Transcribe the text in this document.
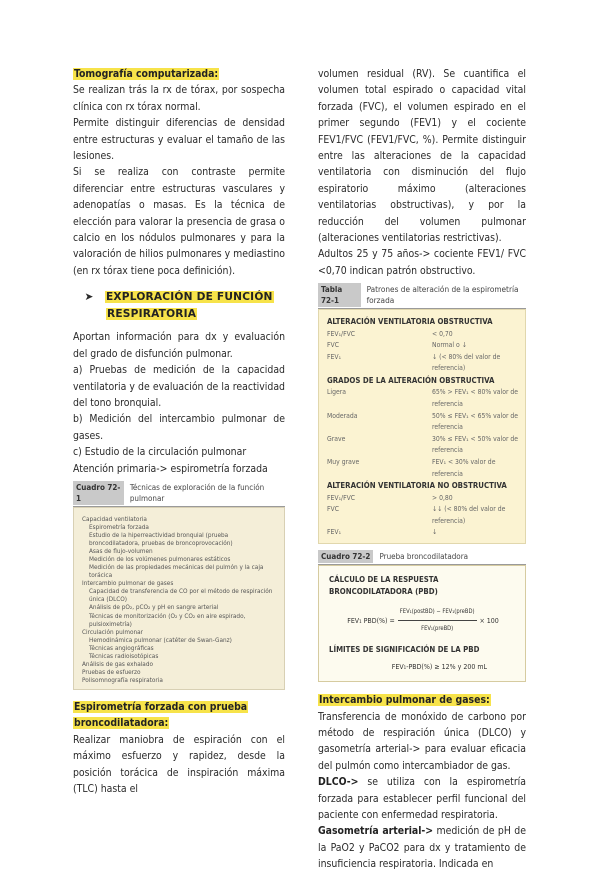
Tomografía computarizada:

Se realizan trás la rx de tórax, por sospecha clínica con rx tórax normal.

Permite distinguir diferencias de densidad entre estructuras y evaluar el tamaño de las lesiones.

Si se realiza con contraste permite diferenciar entre estructuras vasculares y adenopatías o masas. Es la técnica de elección para valorar la presencia de grasa o calcio en los nódulos pulmonares y para la valoración de hilios pulmonares y mediastino (en rx tórax tiene poca definición).

➤ EXPLORACIÓN DE FUNCIÓN
RESPIRATORIA

Aportan información para dx y evaluación del grado de disfunción pulmonar.

a) Pruebas de medición de la capacidad ventilatoria y de evaluación de la reactividad del tono bronquial.

b) Medición del intercambio pulmonar de gases.

c) Estudio de la circulación pulmonar

Atención primaria-> espirometría forzada

Cuadro 72-1
Técnicas de exploración de la función pulmonar
Capacidad ventilatoria
Espirometría forzada
Estudio de la hiperreactividad bronquial (prueba broncodilatadora, pruebas de broncoprovocación)
Asas de flujo-volumen
Medición de los volúmenes pulmonares estáticos
Medición de las propiedades mecánicas del pulmón y la caja torácica
Intercambio pulmonar de gases
Capacidad de transferencia de CO por el método de respiración única (DLCO)
Análisis de pO₂, pCO₂ y pH en sangre arterial
Técnicas de monitorización (O₂ y CO₂ en aire espirado, pulsioximetría)
Circulación pulmonar
Hemodinámica pulmonar (catéter de Swan-Ganz)
Técnicas angiográficas
Técnicas radioisotópicas
Análisis de gas exhalado
Pruebas de esfuerzo
Polisomnografía respiratoria

Espirometría forzada con prueba

broncodilatadora:

Realizar maniobra de espiración con el máximo esfuerzo y rapidez, desde la posición torácica de inspiración máxima (TLC) hasta el

volumen residual (RV). Se cuantifica el volumen total espirado o capacidad vital forzada (FVC), el volumen espirado en el primer segundo (FEV1) y el cociente FEV1/FVC (FEV1/FVC, %). Permite distinguir entre las alteraciones de la capacidad ventilatoria con disminución del flujo espiratorio máximo (alteraciones ventilatorias obstructivas), y por la reducción del volumen pulmonar (alteraciones ventilatorias restrictivas).

Adultos 25 y 75 años-> cociente FEV1/ FVC <0,70 indican patrón obstructivo.

Tabla 72-1
Patrones de alteración de la espirometría forzada
ALTERACIÓN VENTILATORIA OBSTRUCTIVA
FEV₁/FVC	< 0,70
FVC	Normal o ↓
FEV₁	↓ (< 80% del valor de referencia)
GRADOS DE LA ALTERACIÓN OBSTRUCTIVA
Ligera	65% > FEV₁ < 80% valor de referencia
Moderada	50% ≤ FEV₁ < 65% valor de referencia
Grave	30% ≤ FEV₁ < 50% valor de referencia
Muy grave	FEV₁ < 30% valor de referencia
ALTERACIÓN VENTILATORIA NO OBSTRUCTIVA
FEV₁/FVC	> 0,80
FVC	↓↓ (< 80% del valor de referencia)
FEV₁	↓
Cuadro 72-2	Prueba broncodilatadora
CÁLCULO DE LA RESPUESTA BRONCODILATADORA (PBD)
FEV₁ $PBD(\%) = \frac{\text{FEV₁(postBD) − FEV₁(preBD)}}{\text{FEV₁(preBD)}} \times 100$
LÍMITES DE SIGNIFICACIÓN DE LA PBD
FEV₁-PBD(%) ≥ 12% y 200 mL

Intercambio pulmonar de gases:

Transferencia de monóxido de carbono por método de respiración única (DLCO) y gasometría arterial-> para evaluar eficacia del pulmón como intercambiador de gas.

DLCO-> se utiliza con la espirometría forzada para establecer perfil funcional del paciente con enfermedad respiratoria.

Gasometría arterial-> medición de pH de la PaO2 y PaCO2 para dx y tratamiento de insuficiencia respiratoria. Indicada en
